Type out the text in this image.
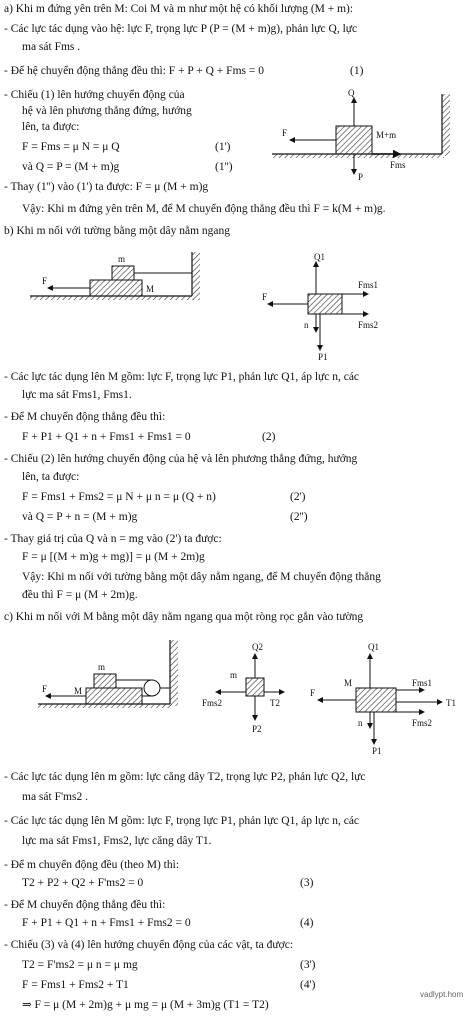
a) Khi m đứng yên trên M: Coi M và m như một hệ có khối lượng (M + m):
- Các lực tác dụng vào hệ: lực F, trọng lực P (P = (M + m)g), phản lực Q, lực
ma sát Fms .
- Để hệ chuyển động thẳng đều thì: F + P + Q + Fms = 0	(1)
- Chiếu (1) lên hướng chuyển động của
hệ và lên phương thẳng đứng, hướng
lên, ta được:
F = Fms = μ N = μ Q	(1')
và Q = P = (M + m)g	(1'')
- Thay (1'') vào (1') ta được: F = μ (M + m)g
Vậy: Khi m đứng yên trên M, để M chuyển động thẳng đều thì F = k(M + m)g.
Q
F
P
Fms
M+m
b) Khi m nối với tường bằng một dây nằm ngang
m
M
F
Q1
F
Fms1
n	Fms2
P1
- Các lực tác dụng lên M gồm: lực F, trọng lực P1, phản lực Q1, áp lực n, các
lực ma sát Fms1, Fms1.
- Để M chuyển động thẳng đều thì:
F + P1 + Q1 + n + Fms1 + Fms1 = 0	(2)
- Chiếu (2) lên hướng chuyển động của hệ và lên phương thẳng đứng, hướng
lên, ta được:
F = Fms1 + Fms2 = μ N + μ n = μ (Q + n)	(2')
và Q = P + n = (M + m)g	(2'')
- Thay giá trị của Q và n = mg vào (2') ta được:
F = μ [(M + m)g + mg)] = μ (M + 2m)g
Vậy: Khi m nối với tường bằng một dây nằm ngang, để M chuyển động thẳng
đều thì F = μ (M + 2m)g.
c) Khi m nối với M bằng một dây nằm ngang qua một ròng rọc gắn vào tường
m
M
F
Q2
m
Fms2	T2
P2
Q1
F
M	Fms1
T1
n	Fms2
P1
- Các lực tác dụng lên m gồm: lực căng dây T2, trọng lực P2, phản lực Q2, lực
ma sát F'ms2 .
- Các lực tác dụng lên M gồm: lực F, trọng lực P1, phản lực Q1, áp lực n, các
lực ma sát Fms1, Fms2, lực căng dây T1.
- Để m chuyển động đều (theo M) thì:
T2 + P2 + Q2 + F'ms2 = 0	(3)
- Để M chuyển động thẳng đều thì:
F + P1 + Q1 + n + Fms1 + Fms2 = 0	(4)
- Chiếu (3) và (4) lên hướng chuyển động của các vật, ta được:
T2 = F'ms2 = μ n = μ mg	(3')
F = Fms1 + Fms2 + T1	(4')
⇒ F = μ (M + 2m)g + μ mg = μ (M + 3m)g (T1 = T2)
vadlypt.hom
